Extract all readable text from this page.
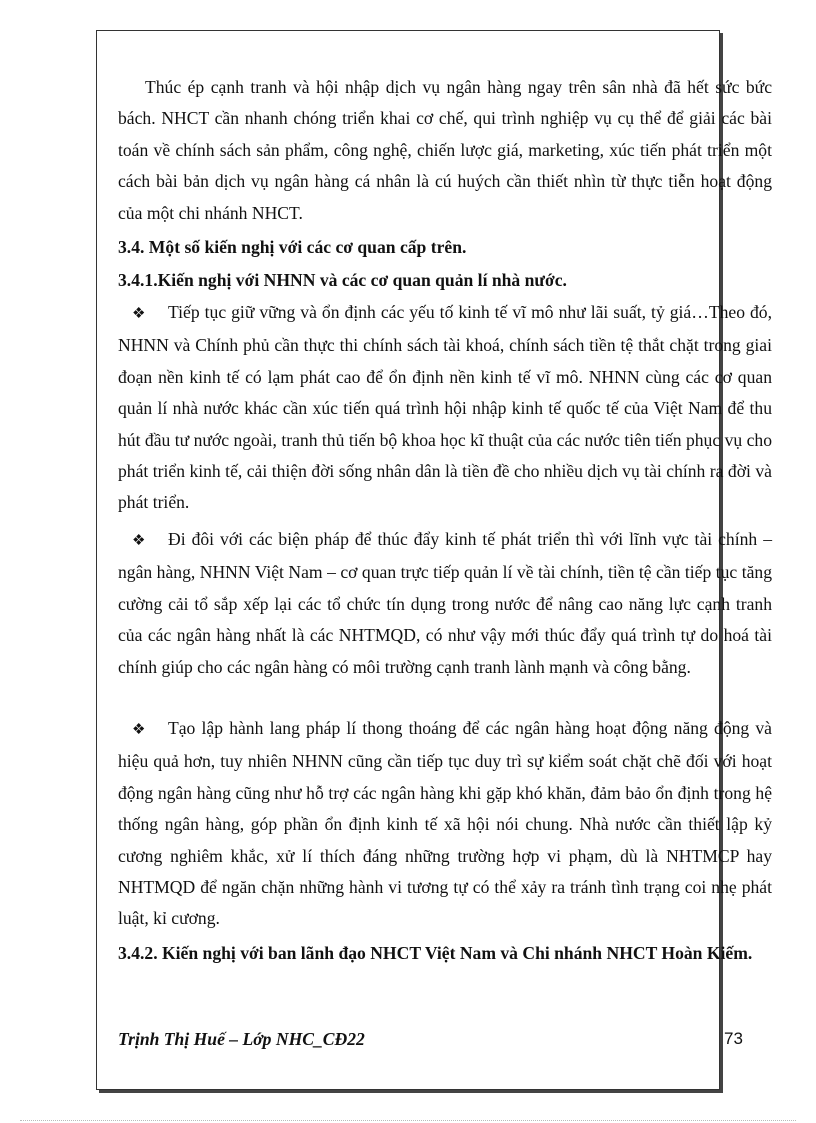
Thúc ép cạnh tranh và hội nhập dịch vụ ngân hàng ngay trên sân nhà đã hết sức bức bách. NHCT cần nhanh chóng triển khai cơ chế, qui trình nghiệp vụ cụ thể để giải các bài toán về chính sách sản phẩm, công nghệ, chiến lược giá, marketing, xúc tiến phát triển một cách bài bản dịch vụ ngân hàng cá nhân là cú huých cần thiết nhìn từ thực tiễn hoạt động của một chi nhánh NHCT.

3.4. Một số kiến nghị với các cơ quan cấp trên.
3.4.1.Kiến nghị với NHNN và các cơ quan quản lí nhà nước.

❖ Tiếp tục giữ vững và ổn định các yếu tố kinh tế vĩ mô như lãi suất, tỷ giá…Theo đó, NHNN và Chính phủ cần thực thi chính sách tài khoá, chính sách tiền tệ thắt chặt trong giai đoạn nền kinh tế có lạm phát cao để ổn định nền kinh tế vĩ mô. NHNN cùng các cơ quan quản lí nhà nước khác cần xúc tiến quá trình hội nhập kinh tế quốc tế của Việt Nam để thu hút đầu tư nước ngoài, tranh thủ tiến bộ khoa học kĩ thuật của các nước tiên tiến phục vụ cho phát triển kinh tế, cải thiện đời sống nhân dân là tiền đề cho nhiều dịch vụ tài chính ra đời và phát triển.

❖ Đi đôi với các biện pháp để thúc đẩy kinh tế phát triển thì với lĩnh vực tài chính – ngân hàng, NHNN Việt Nam – cơ quan trực tiếp quản lí về tài chính, tiền tệ cần tiếp tục tăng cường cải tổ sắp xếp lại các tổ chức tín dụng trong nước để nâng cao năng lực cạnh tranh của các ngân hàng nhất là các NHTMQD, có như vậy mới thúc đẩy quá trình tự do hoá tài chính giúp cho các ngân hàng có môi trường cạnh tranh lành mạnh và công bằng.

❖ Tạo lập hành lang pháp lí thong thoáng để các ngân hàng hoạt động năng động và hiệu quả hơn, tuy nhiên NHNN cũng cần tiếp tục duy trì sự kiểm soát chặt chẽ đối với hoạt động ngân hàng cũng như hỗ trợ các ngân hàng khi gặp khó khăn, đảm bảo ổn định trong hệ thống ngân hàng, góp phần ổn định kinh tế xã hội nói chung. Nhà nước cần thiết lập kỷ cương nghiêm khắc, xử lí thích đáng những trường hợp vi phạm, dù là NHTMCP hay NHTMQD để ngăn chặn những hành vi tương tự có thể xảy ra tránh tình trạng coi nhẹ phát luật, kỉ cương.

3.4.2. Kiến nghị với ban lãnh đạo NHCT Việt Nam và Chi nhánh NHCT Hoàn Kiếm.
Trịnh Thị Huế – Lớp NHC_CĐ22	73
